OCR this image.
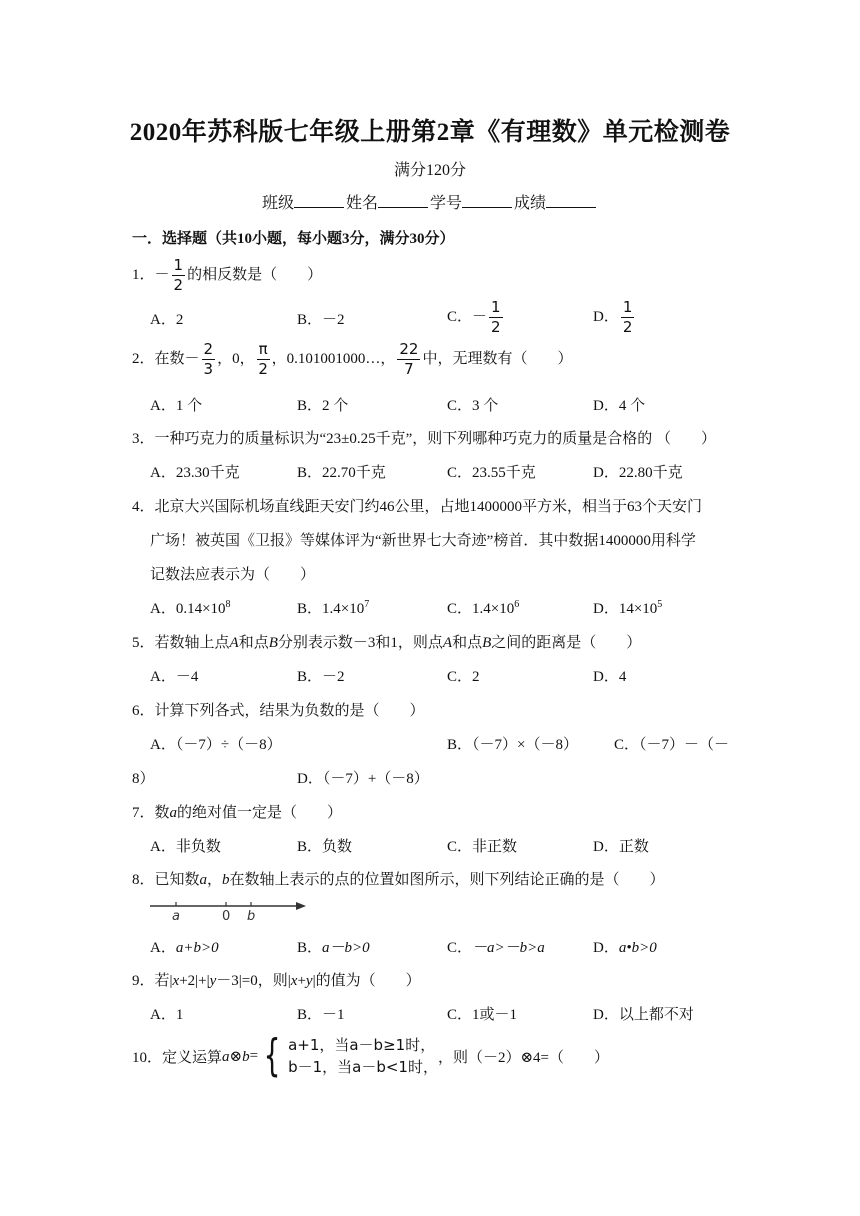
2020年苏科版七年级上册第2章《有理数》单元检测卷
满分120分
班级	姓名	学号	成绩
一．选择题（共10小题，每小题3分，满分30分）
1．－ $\frac{1}{2}$ 的相反数是（　　）
A．2	B．－2	C．－ $\frac{1}{2}$	D． $\frac{1}{2}$
2．在数－ $\frac{2}{3}$ ，0， $\frac{\pi}{2}$ ，0.101001000…， $\frac{22}{7}$ 中，无理数有（　　）
A．1 个	B．2 个	C．3 个	D．4 个
3．一种巧克力的质量标识为“23±0.25千克”，则下列哪种巧克力的质量是合格的 （　　）
A．23.30千克	B．22.70千克	C．23.55千克	D．22.80千克
4．北京大兴国际机场直线距天安门约46公里，占地1400000平方米，相当于63个天安门
广场！被英国《卫报》等媒体评为“新世界七大奇迹”榜首．其中数据1400000用科学
记数法应表示为（　　）
A．$0.14\times 10^8$	B．$1.4\times 10^7$	C．$1.4\times 10^6$	D．$14\times 10^5$
5．若数轴上点A和点B分别表示数－3和1，则点A和点B之间的距离是（　　）
A．－4	B．－2	C．2	D．4
6．计算下列各式，结果为负数的是（　　）
A．（－7）÷（－8）	B．（－7）×（－8） C．（－7）－（－
8）	D．（－7）+（－8）
7．数a的绝对值一定是（　　）
A．非负数	B．负数	C．非正数	D．正数
8．已知数a，b在数轴上表示的点的位置如图所示，则下列结论正确的是（　　）
a	0 b
A．a+b>0	B．a－b>0	C．－a>－b>a	D．a•b>0
9．若|x+2|+|y－3|=0，则|x+y|的值为（　　）
A．1	B．－1	C．1或－1	D．以上都不对
10．定义运算 a⊗b = { a+1，当a－b≥1时，
b－1，当a－b<1时，
，则（－2）⊗4=（　　）
